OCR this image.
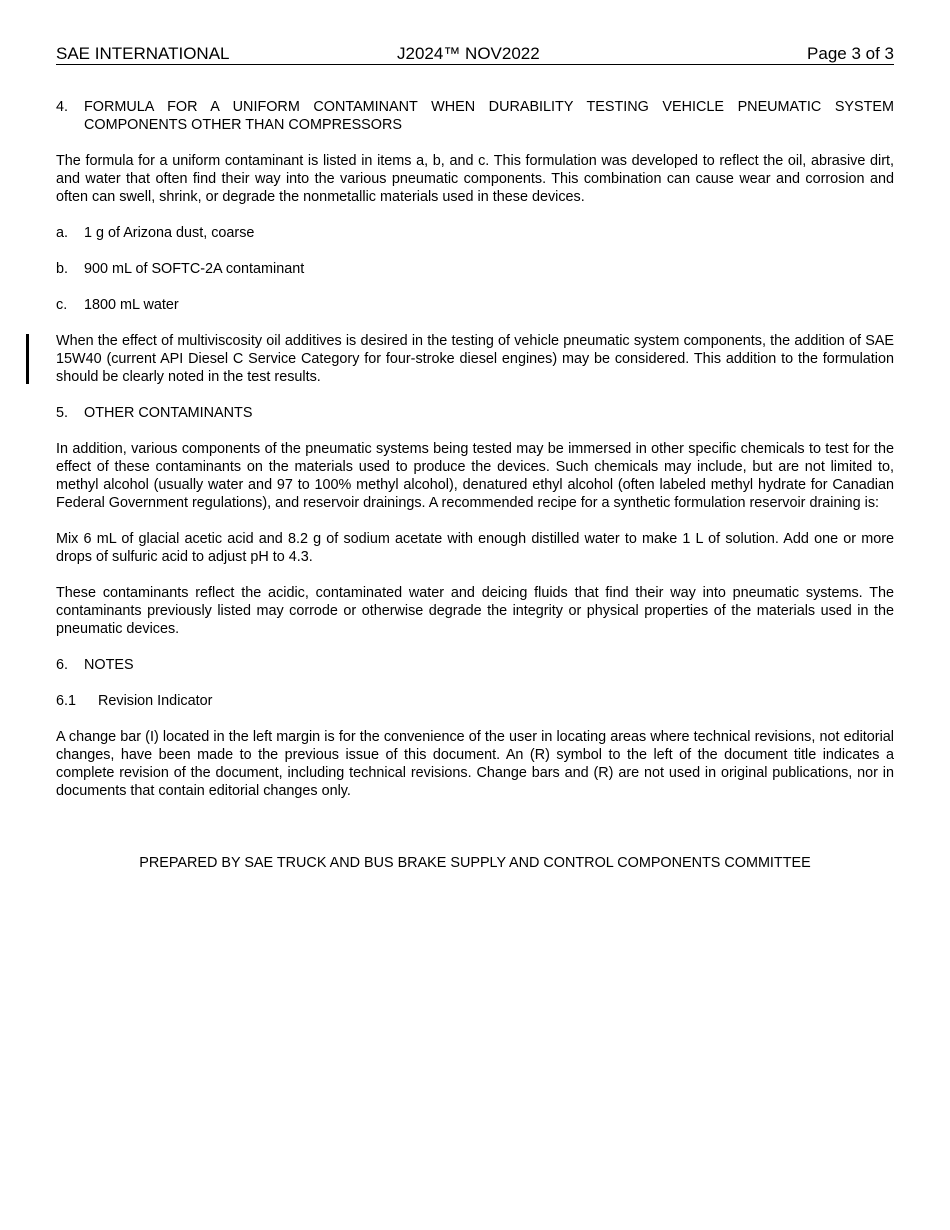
SAE INTERNATIONAL	J2024™ NOV2022	Page 3 of 3
4.	FORMULA FOR A UNIFORM CONTAMINANT WHEN DURABILITY TESTING VEHICLE PNEUMATIC SYSTEM COMPONENTS OTHER THAN COMPRESSORS

The formula for a uniform contaminant is listed in items a, b, and c. This formulation was developed to reflect the oil, abrasive dirt, and water that often find their way into the various pneumatic components. This combination can cause wear and corrosion and often can swell, shrink, or degrade the nonmetallic materials used in these devices.

a.	1 g of Arizona dust, coarse
b.	900 mL of SOFTC-2A contaminant
c.	1800 mL water

When the effect of multiviscosity oil additives is desired in the testing of vehicle pneumatic system components, the addition of SAE 15W40 (current API Diesel C Service Category for four-stroke diesel engines) may be considered. This addition to the formulation should be clearly noted in the test results.

5.	OTHER CONTAMINANTS

In addition, various components of the pneumatic systems being tested may be immersed in other specific chemicals to test for the effect of these contaminants on the materials used to produce the devices. Such chemicals may include, but are not limited to, methyl alcohol (usually water and 97 to 100% methyl alcohol), denatured ethyl alcohol (often labeled methyl hydrate for Canadian Federal Government regulations), and reservoir drainings. A recommended recipe for a synthetic formulation reservoir draining is:

Mix 6 mL of glacial acetic acid and 8.2 g of sodium acetate with enough distilled water to make 1 L of solution. Add one or more drops of sulfuric acid to adjust pH to 4.3.

These contaminants reflect the acidic, contaminated water and deicing fluids that find their way into pneumatic systems. The contaminants previously listed may corrode or otherwise degrade the integrity or physical properties of the materials used in the pneumatic devices.

6.	NOTES
6.1	Revision Indicator

A change bar (I) located in the left margin is for the convenience of the user in locating areas where technical revisions, not editorial changes, have been made to the previous issue of this document. An (R) symbol to the left of the document title indicates a complete revision of the document, including technical revisions. Change bars and (R) are not used in original publications, nor in documents that contain editorial changes only.

PREPARED BY SAE TRUCK AND BUS BRAKE SUPPLY AND CONTROL COMPONENTS COMMITTEE
